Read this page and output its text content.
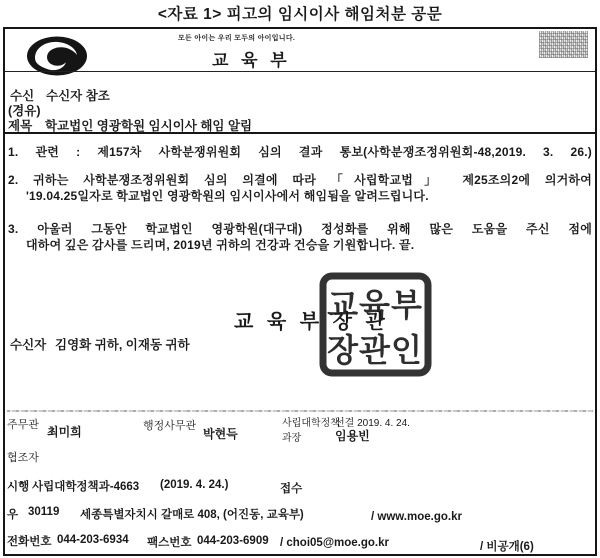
<자료 1> 피고의 임시이사 해임처분 공문
모든 아이는 우리 모두의 아이입니다.
교 육 부
수신 수신자 참조
(경유)
제목 학교법인 영광학원 임시이사 해임 알림
1. 관련 : 제157차 사학분쟁위원회 심의 결과 통보(사학분쟁조정위원회-48,2019. 3. 26.)
2. 귀하는 사학분쟁조정위원회 심의 의결에 따라 「사립학교법」 제25조의2에 의거하여
'19.04.25일자로 학교법인 영광학원의 임시이사에서 해임됨을 알려드립니다.
3. 아울러 그동안 학교법인 영광학원(대구대) 정성화를 위해 많은 도움을 주신 점에
대하여 깊은 감사를 드리며, 2019년 귀하의 건강과 건승을 기원합니다. 끝.
교 육 부 장 관
교육부
장관인
수신자 김영화 귀하, 이재동 귀하
주무관 최미희	행정사무관
박현득
사립대학정책
선결 2019. 4. 24.
과장	임용빈
협조자
시행 사립대학정책과-4663 (2019. 4. 24.)	접수
우 30119 세종특별자치시 갈매로 408, (어진동, 교육부)	/ www.moe.go.kr
전화번호 044-203-6934 팩스번호 044-203-6909 / choi05@moe.go.kr	/ 비공개(6)
